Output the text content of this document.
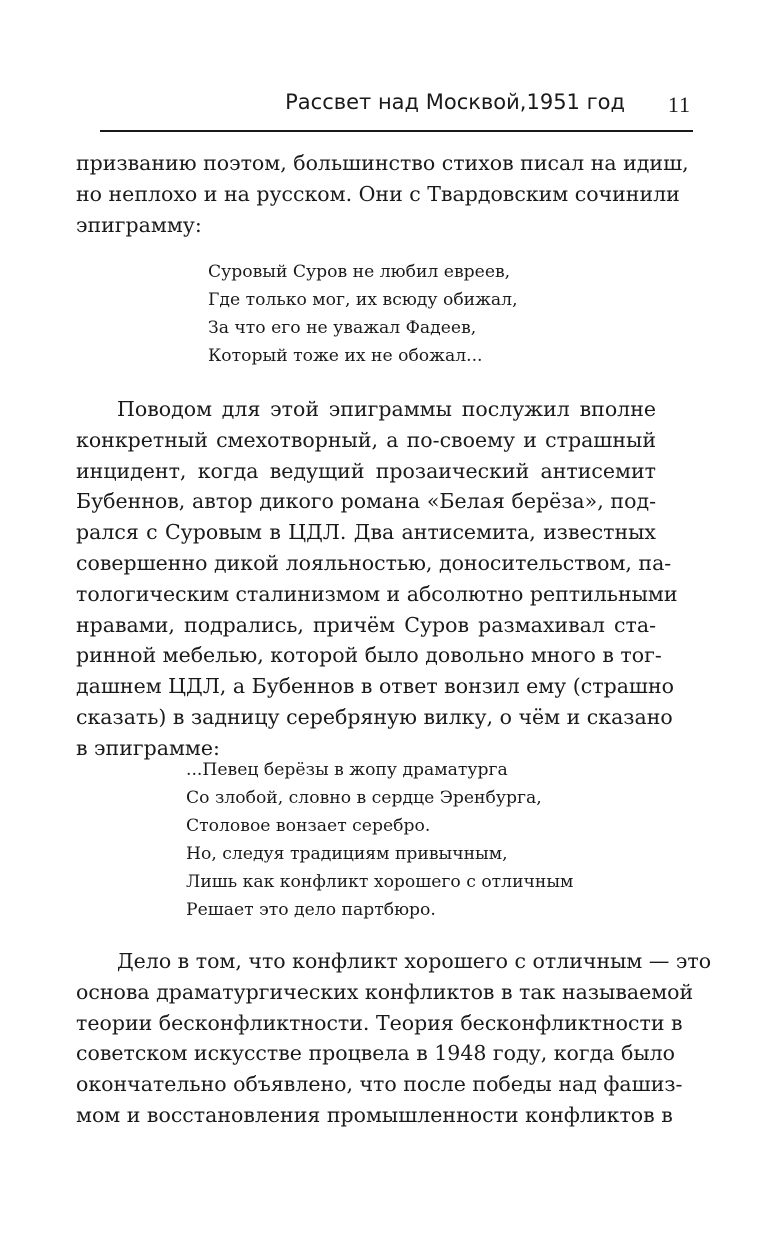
Рассвет над Москвой,1951 год 11
призванию поэтом, большинство стихов писал на идиш,
но неплохо и на русском. Они с Твардовским сочинили
эпиграмму:
Суровый Суров не любил евреев,
Где только мог, их всюду обижал,
За что его не уважал Фадеев,
Который тоже их не обожал...
Поводом для этой эпиграммы послужил вполне
конкретный смехотворный, а по-своему и страшный
инцидент, когда ведущий прозаический антисемит
Бубеннов, автор дикого романа «Белая берёза», под-
рался с Суровым в ЦДЛ. Два антисемита, известных
совершенно дикой лояльностью, доносительством, па-
тологическим сталинизмом и абсолютно рептильными
нравами, подрались, причём Суров размахивал ста-
ринной мебелью, которой было довольно много в тог-
дашнем ЦДЛ, а Бубеннов в ответ вонзил ему (страшно
сказать) в задницу серебряную вилку, о чём и сказано
в эпиграмме:
...Певец берёзы в жопу драматурга
Со злобой, словно в сердце Эренбурга,
Столовое вонзает серебро.
Но, следуя традициям привычным,
Лишь как конфликт хорошего с отличным
Решает это дело партбюро.
Дело в том, что конфликт хорошего с отличным — это
основа драматургических конфликтов в так называемой
теории бесконфликтности. Теория бесконфликтности в
советском искусстве процвела в 1948 году, когда было
окончательно объявлено, что после победы над фашиз-
мом и восстановления промышленности конфликтов в
